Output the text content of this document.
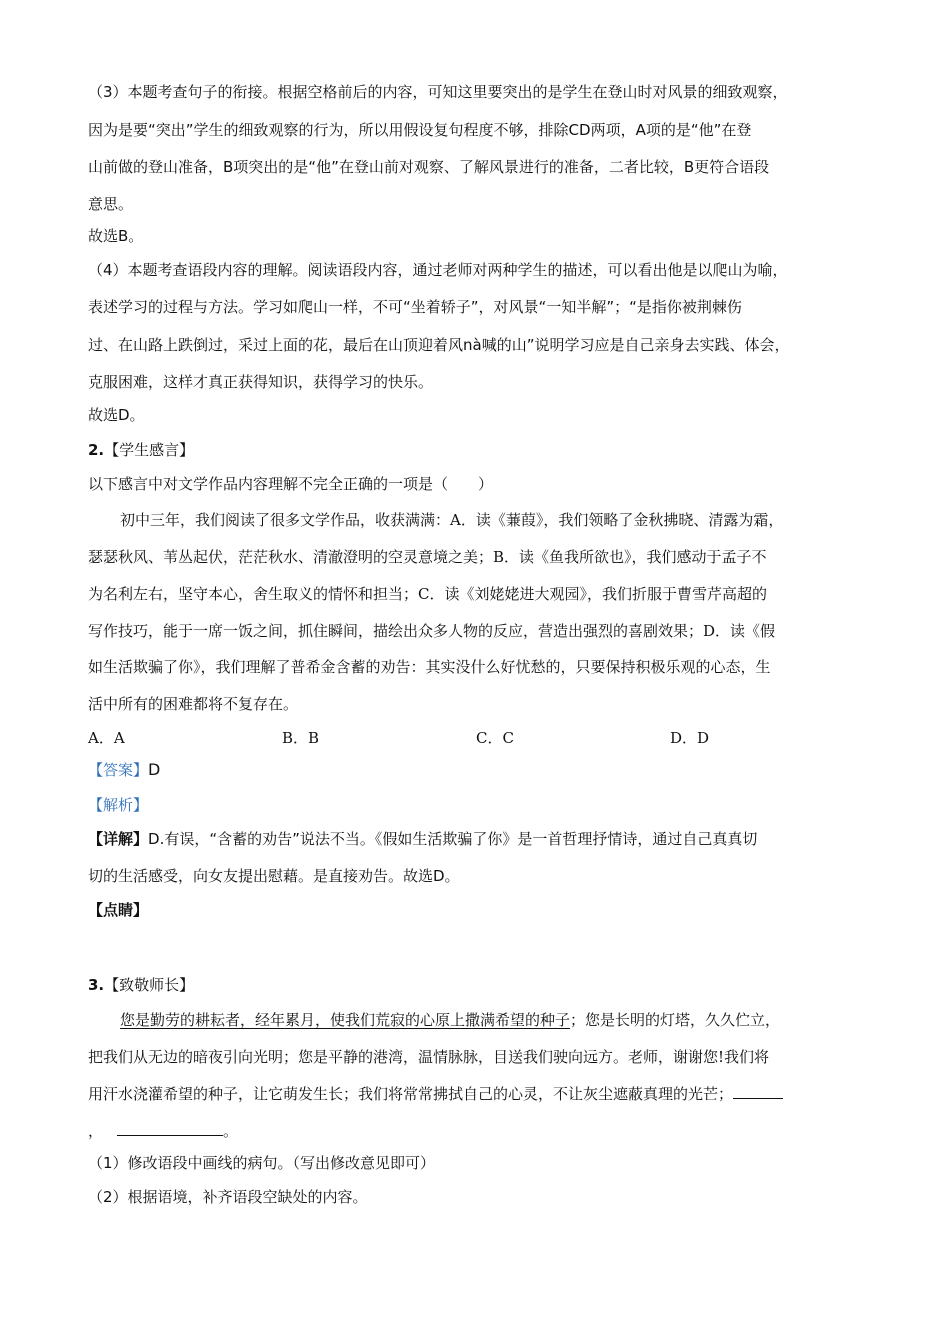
（3）本题考查句子的衔接。根据空格前后的内容，可知这里要突出的是学生在登山时对风景的细致观察，
因为是要“突出”学生的细致观察的行为，所以用假设复句程度不够，排除CD两项，A项的是“他”在登
山前做的登山准备，B项突出的是“他”在登山前对观察、了解风景进行的准备，二者比较，B更符合语段
意思。
故选B。
（4）本题考查语段内容的理解。阅读语段内容，通过老师对两种学生的描述，可以看出他是以爬山为喻，
表述学习的过程与方法。学习如爬山一样，不可“坐着轿子”，对风景“一知半解”；“是指你被荆棘伤
过、在山路上跌倒过，采过上面的花，最后在山顶迎着风nà喊的山”说明学习应是自己亲身去实践、体会，
克服困难，这样才真正获得知识，获得学习的快乐。
故选D。
2.【学生感言】
以下感言中对文学作品内容理解不完全正确的一项是（　　）
初中三年，我们阅读了很多文学作品，收获满满：A．读《蒹葭》，我们领略了金秋拂晓、清露为霜，
瑟瑟秋风、苇丛起伏，茫茫秋水、清澈澄明的空灵意境之美；B．读《鱼我所欲也》，我们感动于孟子不
为名利左右，坚守本心，舍生取义的情怀和担当；C．读《刘姥姥进大观园》，我们折服于曹雪芹高超的
写作技巧，能于一席一饭之间，抓住瞬间，描绘出众多人物的反应，营造出强烈的喜剧效果；D．读《假
如生活欺骗了你》，我们理解了普希金含蓄的劝告：其实没什么好忧愁的，只要保持积极乐观的心态，生
活中所有的困难都将不复存在。
A．A	B．B	C．C	D．D
【答案】D
【解析】
【详解】D.有误，“含蓄的劝告”说法不当。《假如生活欺骗了你》是一首哲理抒情诗，通过自己真真切
切的生活感受，向女友提出慰藉。是直接劝告。故选D。
【点睛】
3.【致敬师长】
您是勤劳的耕耘者，经年累月，使我们荒寂的心原上撒满希望的种子；您是长明的灯塔，久久伫立，
把我们从无边的暗夜引向光明；您是平静的港湾，温情脉脉，目送我们驶向远方。老师，谢谢您!我们将
用汗水浇灌希望的种子，让它萌发生长；我们将常常拂拭自己的心灵，不让灰尘遮蔽真理的光芒；
，	。
（1）修改语段中画线的病句。（写出修改意见即可）
（2）根据语境，补齐语段空缺处的内容。
